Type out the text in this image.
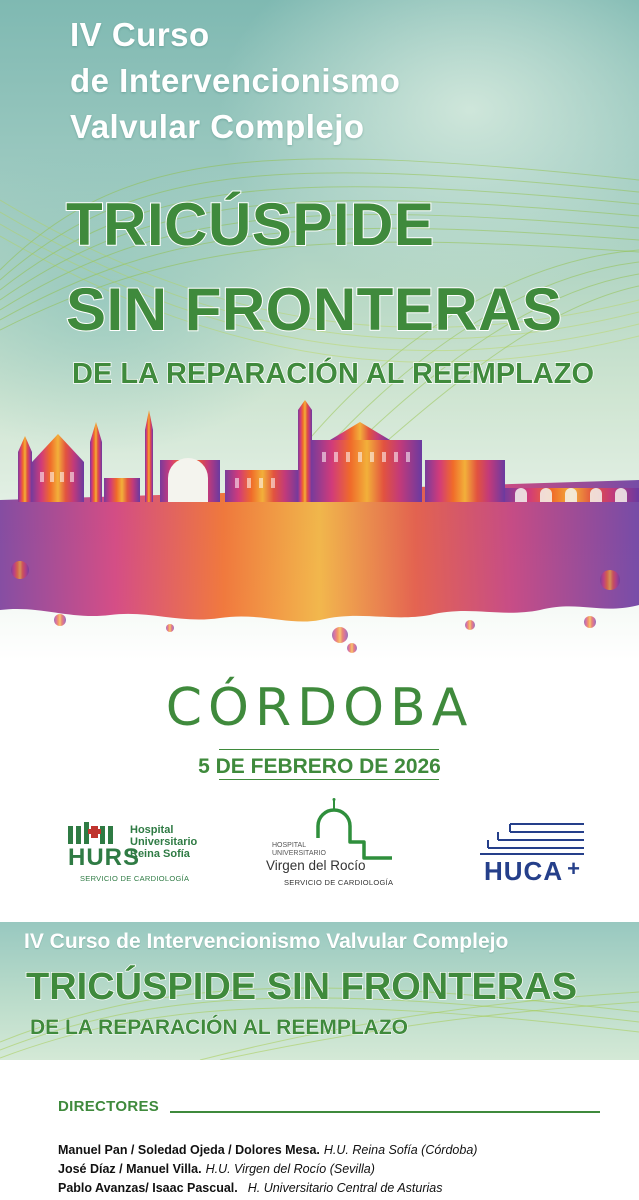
IV Curso
de Intervencionismo
Valvular Complejo
TRICÚSPIDE
SIN FRONTERAS
DE LA REPARACIÓN AL REEMPLAZO
CÓRDOBA
5 DE FEBRERO DE 2026
HURS
Hospital
Universitario
Reina Sofía
SERVICIO DE CARDIOLOGÍA
HOSPITAL
UNIVERSITARIO
Virgen del Rocío
SERVICIO DE CARDIOLOGÍA	HUCA +
IV Curso de Intervencionismo Valvular Complejo
TRICÚSPIDE SIN FRONTERAS
DE LA REPARACIÓN AL REEMPLAZO
DIRECTORES
Manuel Pan / Soledad Ojeda / Dolores Mesa. H.U. Reina Sofía (Córdoba)
José Díaz / Manuel Villa. H.U. Virgen del Rocío (Sevilla)
Pablo Avanzas/ Isaac Pascual. H. Universitario Central de Asturias
